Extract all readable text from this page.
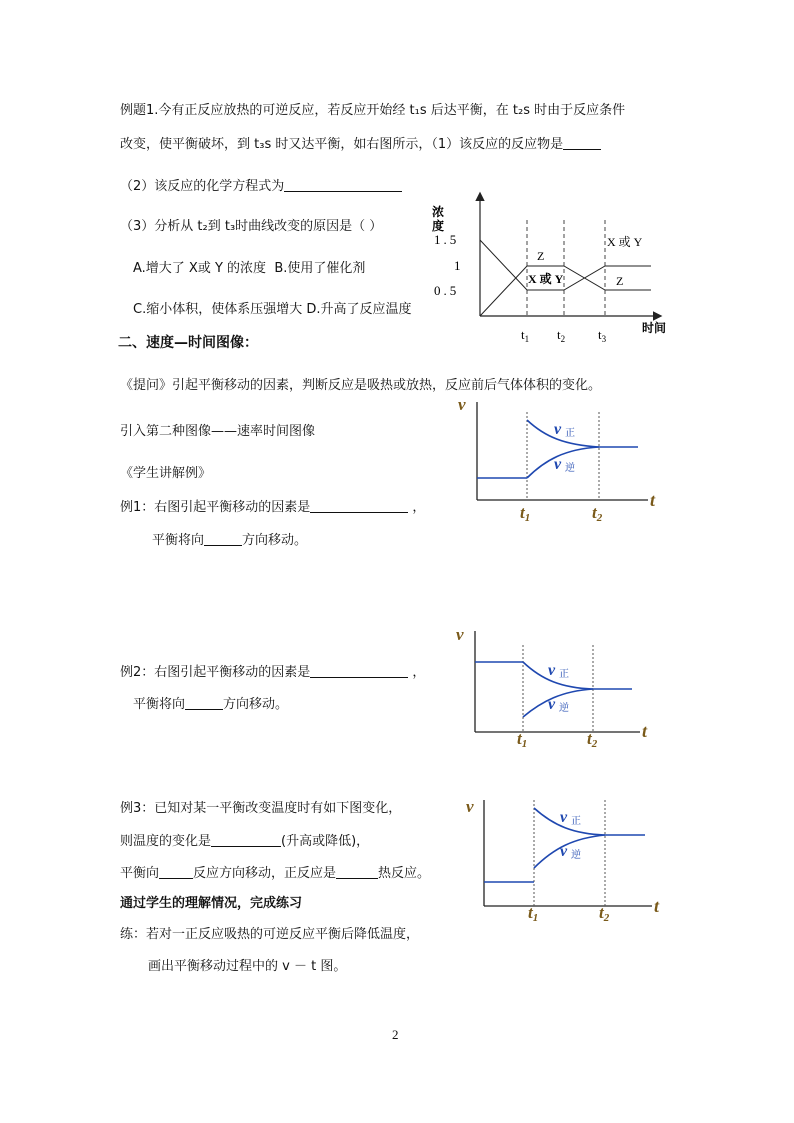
例题1.今有正反应放热的可逆反应，若反应开始经 t₁s 后达平衡，在 t₂s 时由于反应条件
改变，使平衡破坏，到 t₃s 时又达平衡，如右图所示，（1）该反应的反应物是
（2）该反应的化学方程式为
（3）分析从 t₂到 t₃时曲线改变的原因是（ ）
A.增大了 X或 Y 的浓度 B.使用了催化剂
C.缩小体积，使体系压强增大 D.升高了反应温度
浓
度
1.5
1
0.5
Z
X 或 Y
X 或 Y
Z
$t_1$ $t_2$	$t_3$
时间
二、速度—时间图像：
《提问》引起平衡移动的因素，判断反应是吸热或放热，反应前后气体体积的变化。
引入第二种图像——速率时间图像
《学生讲解例》
例1：右图引起平衡移动的因素是	，
平衡将向	方向移动。
例2：右图引起平衡移动的因素是	，
平衡将向	方向移动。
例3：已知对某一平衡改变温度时有如下图变化，
则温度的变化是	(升高或降低)，
平衡向	反应方向移动，正反应是	热反应。
通过学生的理解情况，完成练习
练：若对一正反应吸热的可逆反应平衡后降低温度，
画出平衡移动过程中的 v － t 图。
v
t
v 正
v 逆
t1	t2
v
t
v 正
v 逆
t1	t2
v
t
v 正
v 逆
t1	t2
2
